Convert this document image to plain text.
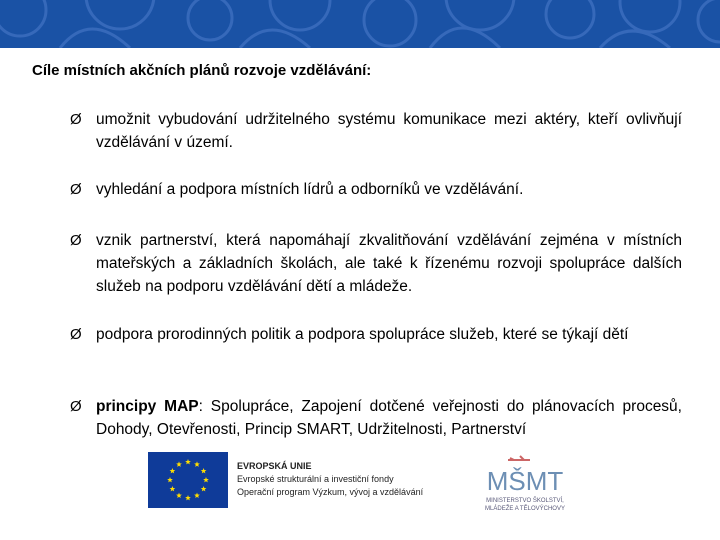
Cíle místních akčních plánů rozvoje vzdělávání:
Ø umožnit vybudování udržitelného systému komunikace mezi aktéry, kteří ovlivňují vzdělávání v území.
Ø vyhledání a podpora místních lídrů a odborníků ve vzdělávání.
Ø vznik partnerství, která napomáhají zkvalitňování vzdělávání zejména v místních mateřských a základních školách, ale také k řízenému rozvoji spolupráce dalších služeb na podporu vzdělávání dětí a mládeže.
Ø podpora prorodinných politik a podpora spolupráce služeb, které se týkají dětí
Ø principy MAP: Spolupráce, Zapojení dotčené veřejnosti do plánovacích procesů, Dohody, Otevřenosti, Princip SMART, Udržitelnosti, Partnerství
EVROPSKÁ UNIE
Evropské strukturální a investiční fondy
Operační program Výzkum, vývoj a vzdělávání MŠMT
MINISTERSTVO ŠKOLSTVÍ,
MLÁDEŽE A TĚLOVÝCHOVY
